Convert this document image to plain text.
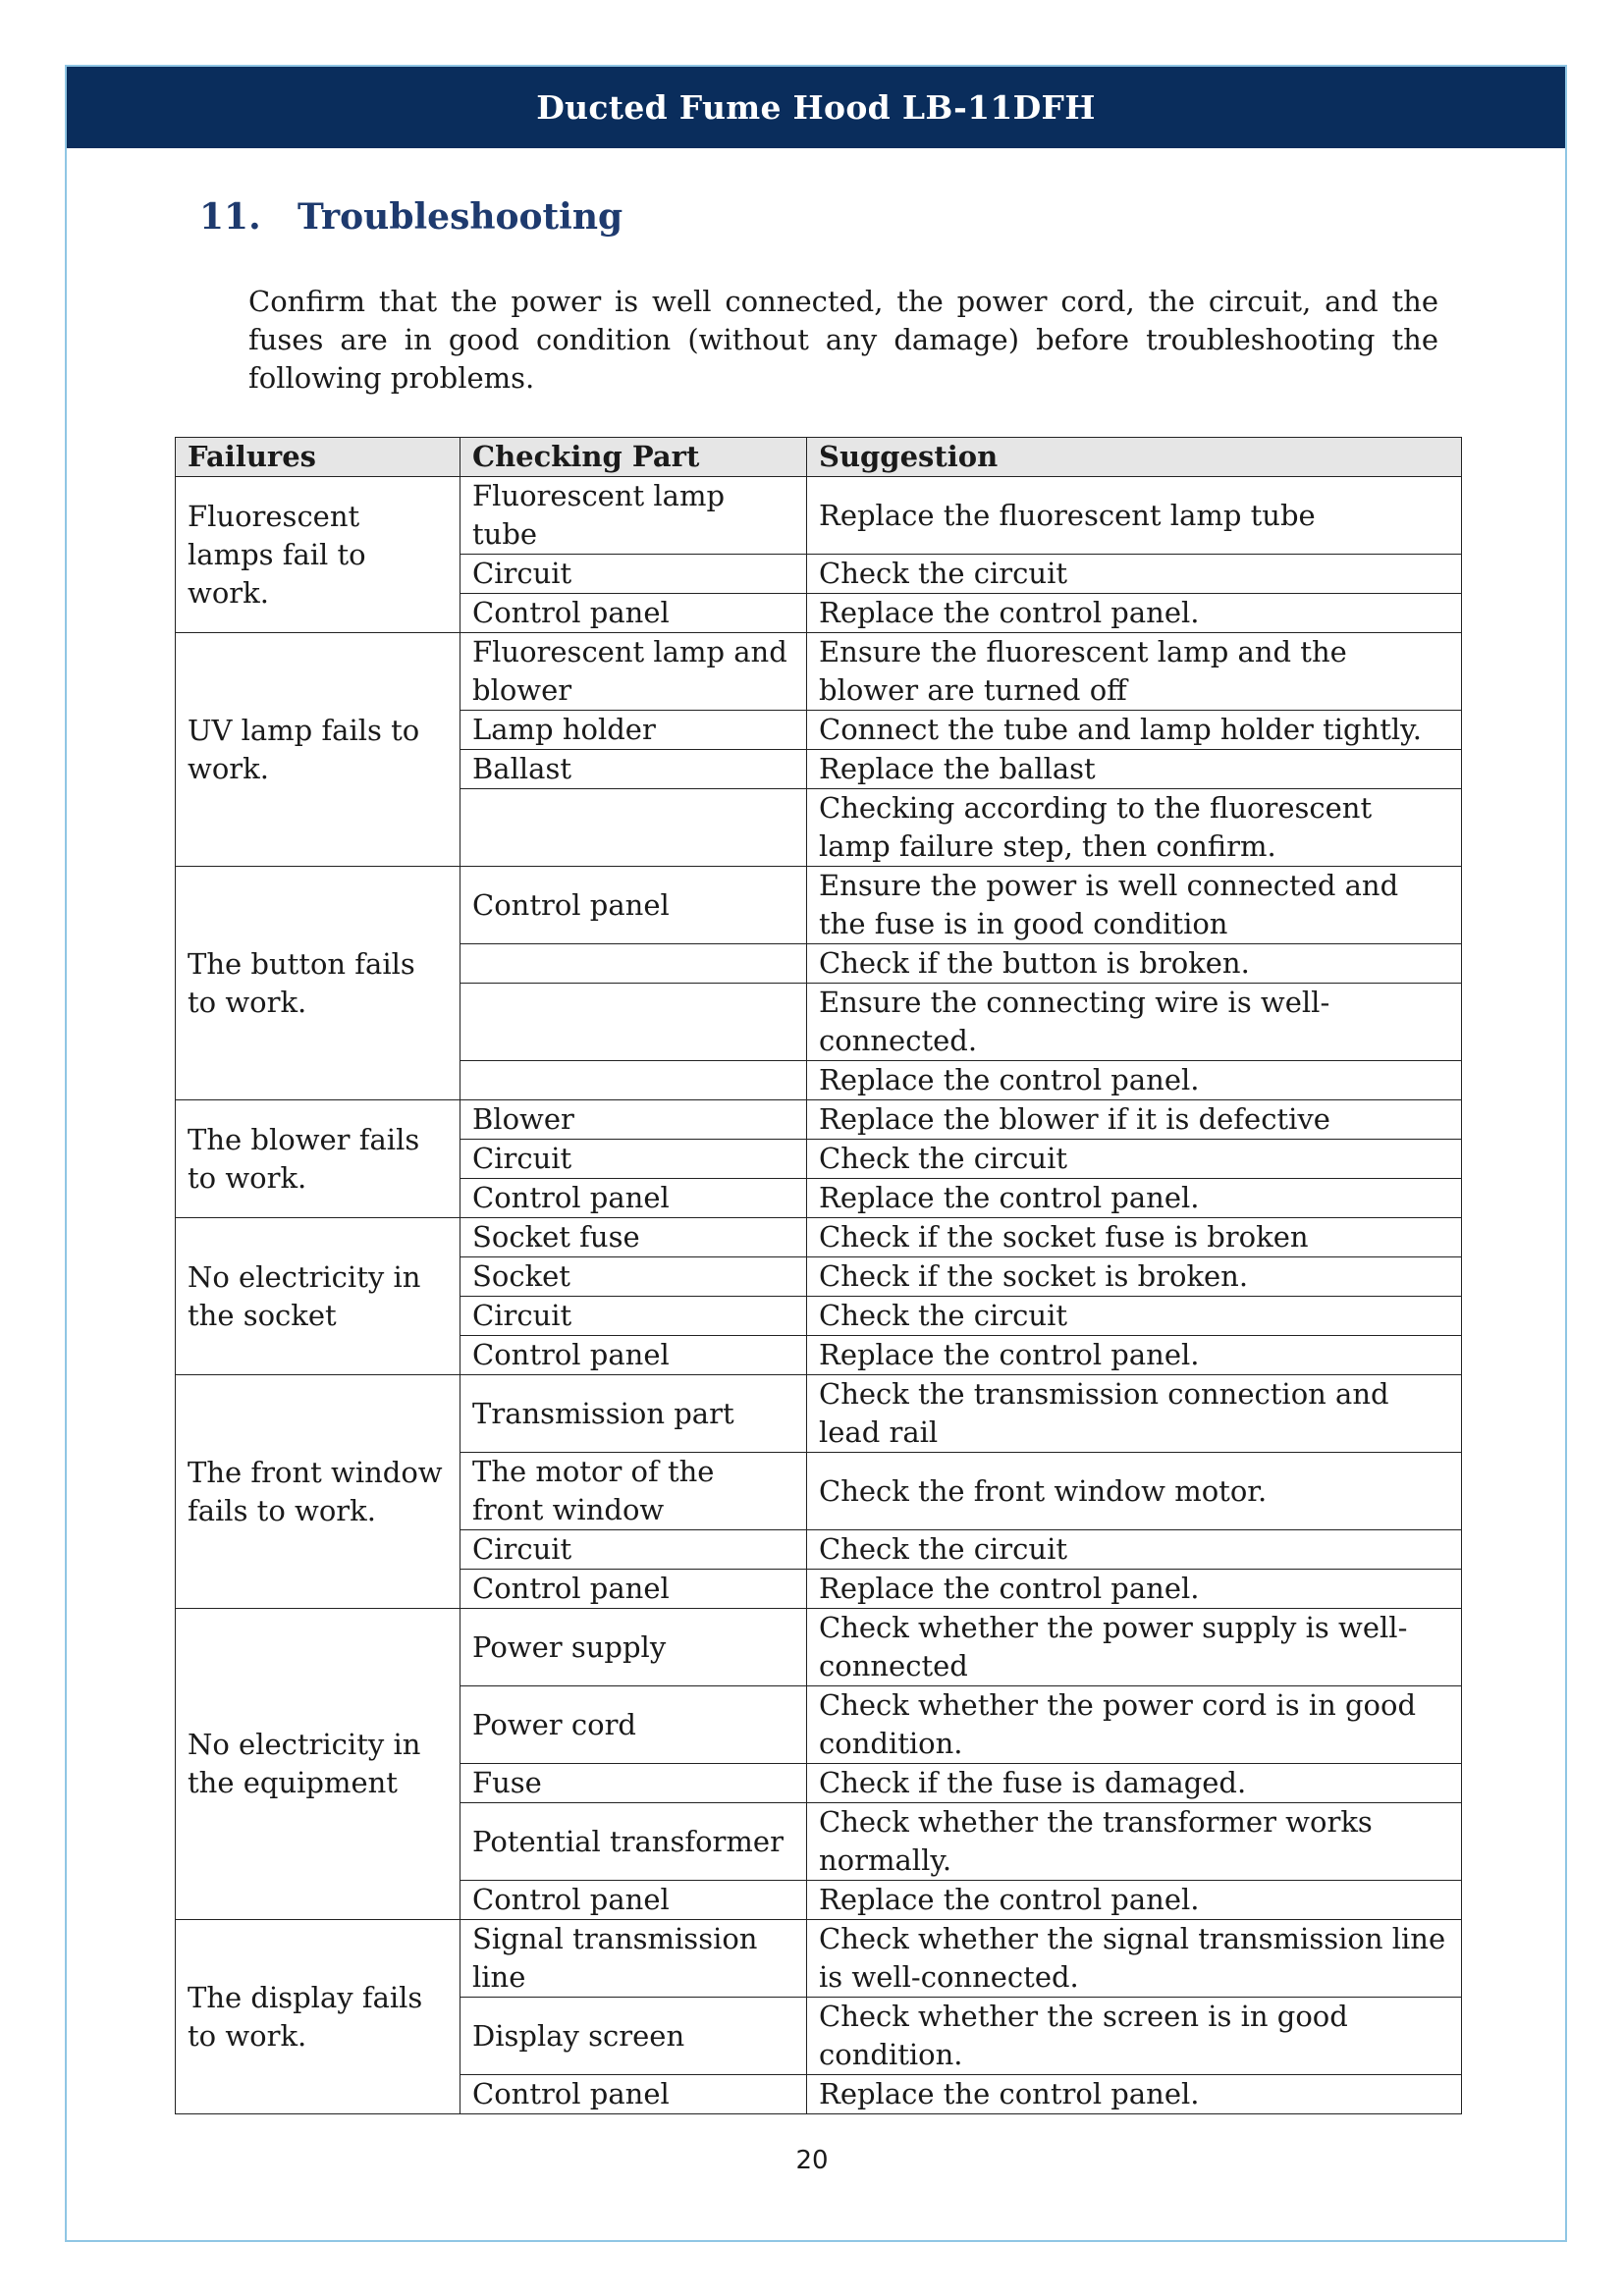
Ducted Fume Hood LB-11DFH
11.	Troubleshooting

Confirm that the power is well connected, the power cord, the circuit, and the fuses are in good condition (without any damage) before troubleshooting the following problems.

Failures	Checking Part	Suggestion
Fluorescent lamps fail to work.	Fluorescent lamp tube	Replace the fluorescent lamp tube
	Circuit	Check the circuit
	Control panel	Replace the control panel.
UV lamp fails to work.	Fluorescent lamp and blower	Ensure the fluorescent lamp and the blower are turned off
	Lamp holder	Connect the tube and lamp holder tightly.
	Ballast	Replace the ballast
		Checking according to the fluorescent lamp failure step, then confirm.
The button fails to work.	Control panel	Ensure the power is well connected and the fuse is in good condition
		Check if the button is broken.
		Ensure the connecting wire is well-connected.
		Replace the control panel.
The blower fails to work.	Blower	Replace the blower if it is defective
	Circuit	Check the circuit
	Control panel	Replace the control panel.
No electricity in the socket	Socket fuse	Check if the socket fuse is broken
	Socket	Check if the socket is broken.
	Circuit	Check the circuit
	Control panel	Replace the control panel.
The front window fails to work.	Transmission part	Check the transmission connection and lead rail
	The motor of the front window	Check the front window motor.
	Circuit	Check the circuit
	Control panel	Replace the control panel.
No electricity in the equipment	Power supply	Check whether the power supply is well-connected
	Power cord	Check whether the power cord is in good condition.
	Fuse	Check if the fuse is damaged.
	Potential transformer	Check whether the transformer works normally.
	Control panel	Replace the control panel.
The display fails to work.	Signal transmission line	Check whether the signal transmission line is well-connected.
	Display screen	Check whether the screen is in good condition.
	Control panel	Replace the control panel.
20
